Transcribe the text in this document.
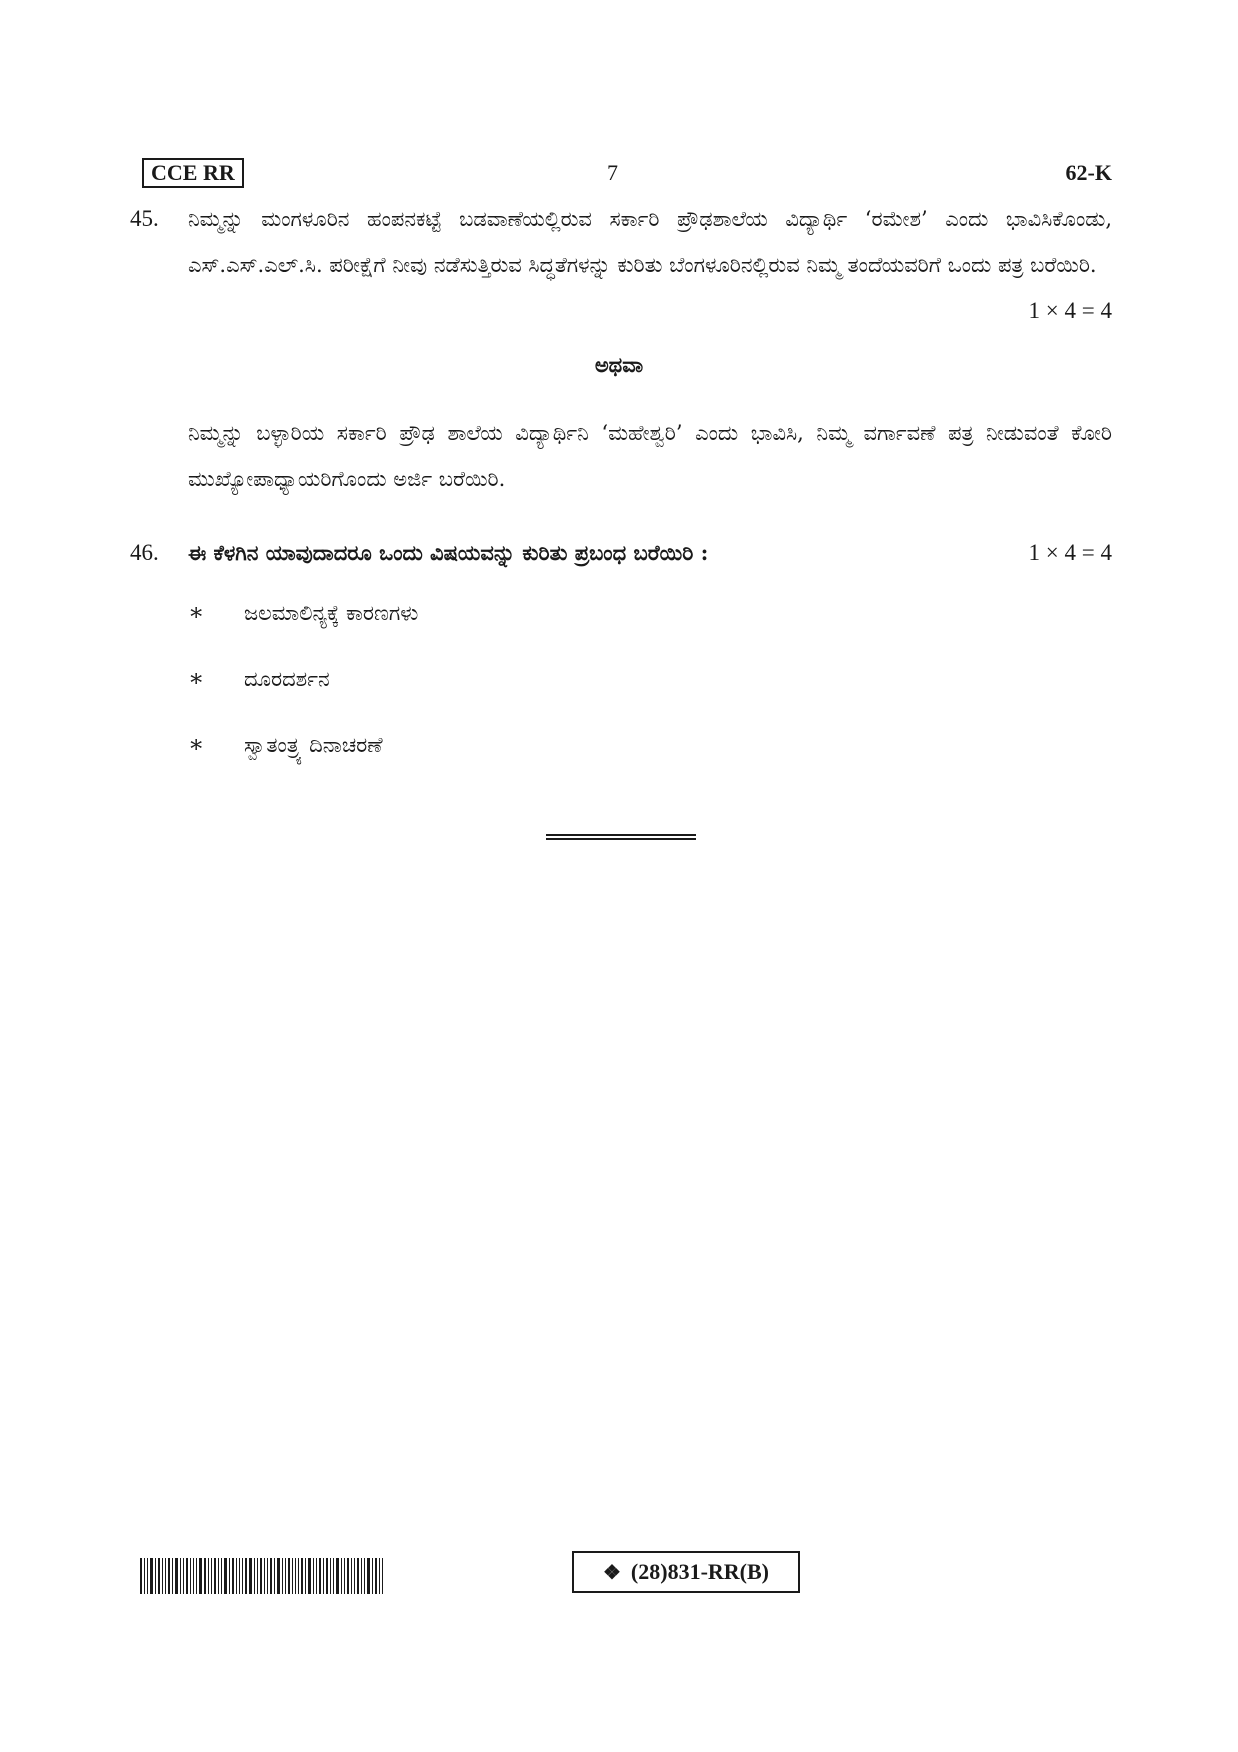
CCE RR	7	62-K
45. ನಿಮ್ಮನ್ನು ಮಂಗಳೂರಿನ ಹಂಪನಕಟ್ಟೆ ಬಡವಾಣೆಯಲ್ಲಿರುವ ಸರ್ಕಾರಿ ಪ್ರೌಢಶಾಲೆಯ ವಿದ್ಯಾರ್ಥಿ ‘ರಮೇಶ’ ಎಂದು ಭಾವಿಸಿಕೊಂಡು, ಎಸ್.ಎಸ್.ಎಲ್.ಸಿ. ಪರೀಕ್ಷೆಗೆ ನೀವು ನಡೆಸುತ್ತಿರುವ ಸಿದ್ಧತೆಗಳನ್ನು ಕುರಿತು ಬೆಂಗಳೂರಿನಲ್ಲಿರುವ ನಿಮ್ಮ ತಂದೆಯವರಿಗೆ ಒಂದು ಪತ್ರ ಬರೆಯಿರಿ.
1 × 4 = 4
ಅಥವಾ
ನಿಮ್ಮನ್ನು ಬಳ್ಳಾರಿಯ ಸರ್ಕಾರಿ ಪ್ರೌಢ ಶಾಲೆಯ ವಿದ್ಯಾರ್ಥಿನಿ ‘ಮಹೇಶ್ವರಿ’ ಎಂದು ಭಾವಿಸಿ, ನಿಮ್ಮ ವರ್ಗಾವಣೆ ಪತ್ರ ನೀಡುವಂತೆ ಕೋರಿ ಮುಖ್ಯೋಪಾಧ್ಯಾಯರಿಗೊಂದು ಅರ್ಜಿ ಬರೆಯಿರಿ.
46. ಈ ಕೆಳಗಿನ ಯಾವುದಾದರೂ ಒಂದು ವಿಷಯವನ್ನು ಕುರಿತು ಪ್ರಬಂಧ ಬರೆಯಿರಿ :	1 × 4 = 4
∗ ಜಲಮಾಲಿನ್ಯಕ್ಕೆ ಕಾರಣಗಳು
∗ ದೂರದರ್ಶನ
∗ ಸ್ವಾತಂತ್ರ್ಯ ದಿನಾಚರಣೆ
❖ (28)831-RR(B)
